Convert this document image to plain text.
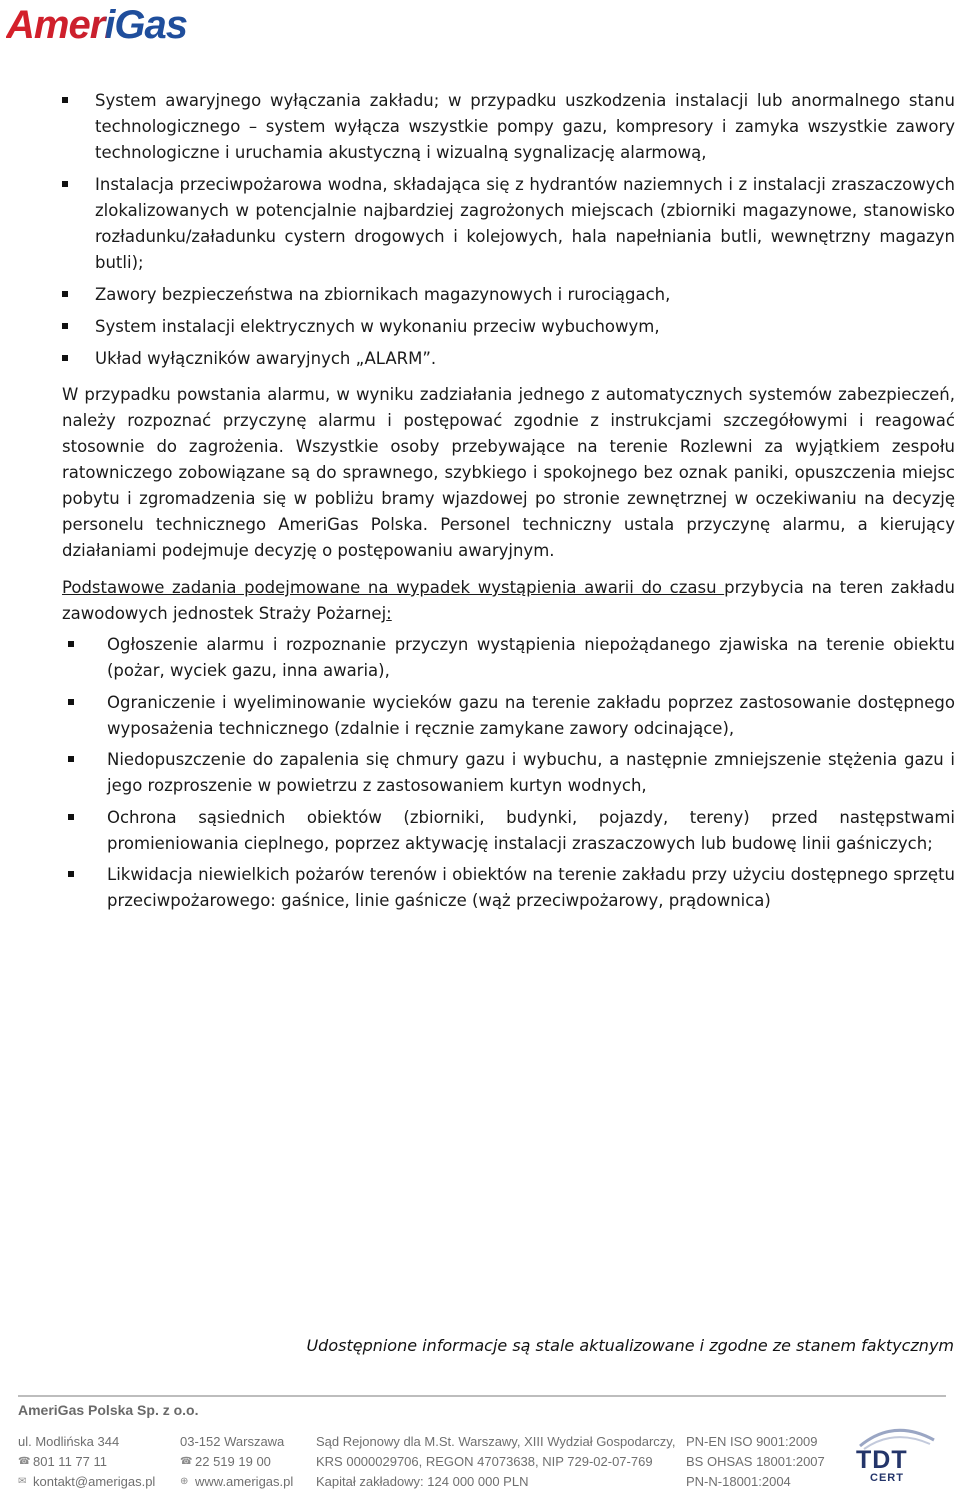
AmeriGas
System awaryjnego wyłączania zakładu; w przypadku uszkodzenia instalacji lub anormalnego stanu technologicznego – system wyłącza wszystkie pompy gazu, kompresory i zamyka wszystkie zawory technologiczne i uruchamia akustyczną i wizualną sygnalizację alarmową,
Instalacja przeciwpożarowa wodna, składająca się z hydrantów naziemnych i z instalacji zraszaczowych zlokalizowanych w potencjalnie najbardziej zagrożonych miejscach (zbiorniki magazynowe, stanowisko rozładunku/załadunku cystern drogowych i kolejowych, hala napełniania butli, wewnętrzny magazyn butli);
Zawory bezpieczeństwa na zbiornikach magazynowych i rurociągach,
System instalacji elektrycznych w wykonaniu przeciw wybuchowym,
Układ wyłączników awaryjnych „ALARM”.

W przypadku powstania alarmu, w wyniku zadziałania jednego z automatycznych systemów zabezpieczeń, należy rozpoznać przyczynę alarmu i postępować zgodnie z instrukcjami szczegółowymi i reagować stosownie do zagrożenia. Wszystkie osoby przebywające na terenie Rozlewni za wyjątkiem zespołu ratowniczego zobowiązane są do sprawnego, szybkiego i spokojnego bez oznak paniki, opuszczenia miejsc pobytu i zgromadzenia się w pobliżu bramy wjazdowej po stronie zewnętrznej w oczekiwaniu na decyzję personelu technicznego AmeriGas Polska. Personel techniczny ustala przyczynę alarmu, a kierujący działaniami podejmuje decyzję o postępowaniu awaryjnym.

Podstawowe zadania podejmowane na wypadek wystąpienia awarii do czasu przybycia na teren zakładu zawodowych jednostek Straży Pożarnej:

Ogłoszenie alarmu i rozpoznanie przyczyn wystąpienia niepożądanego zjawiska na terenie obiektu (pożar, wyciek gazu, inna awaria),
Ograniczenie i wyeliminowanie wycieków gazu na terenie zakładu poprzez zastosowanie dostępnego wyposażenia technicznego (zdalnie i ręcznie zamykane zawory odcinające),
Niedopuszczenie do zapalenia się chmury gazu i wybuchu, a następnie zmniejszenie stężenia gazu i jego rozproszenie w powietrzu z zastosowaniem kurtyn wodnych,
Ochrona sąsiednich obiektów (zbiorniki, budynki, pojazdy, tereny) przed następstwami promieniowania cieplnego, poprzez aktywację instalacji zraszaczowych lub budowę linii gaśniczych;
Likwidacja niewielkich pożarów terenów i obiektów na terenie zakładu przy użyciu dostępnego sprzętu przeciwpożarowego: gaśnice, linie gaśnicze (wąż przeciwpożarowy, prądownica)
Udostępnione informacje są stale aktualizowane i zgodne ze stanem faktycznym
AmeriGas Polska Sp. z o.o.
ul. Modlińska 344
☎ 801 11 77 11
✉ kontakt@amerigas.pl
03-152 Warszawa
☎ 22 519 19 00
⊕ www.amerigas.pl
Sąd Rejonowy dla M.St. Warszawy, XIII Wydział Gospodarczy,
KRS 0000029706, REGON 47073638, NIP 729-02-07-769
Kapitał zakładowy: 124 000 000 PLN
PN-EN ISO 9001:2009
BS OHSAS 18001:2007
PN-N-18001:2004
TDT
CERT
